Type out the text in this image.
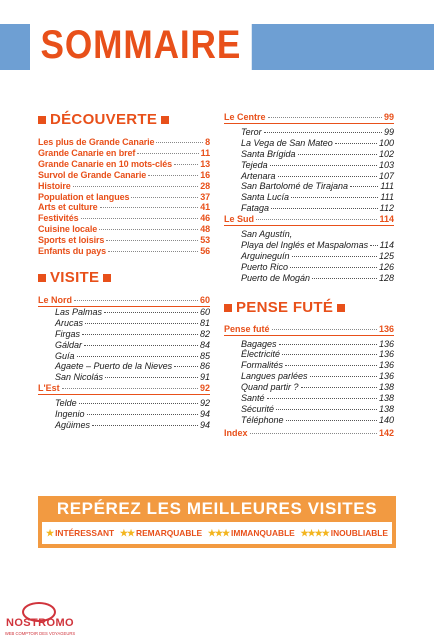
SOMMAIRE
DÉCOUVERTE
Les plus de Grande Canarie	8
Grande Canarie en bref	11
Grande Canarie en 10 mots-clés	13
Survol de Grande Canarie	16
Histoire	28
Population et langues	37
Arts et culture	41
Festivités	46
Cuisine locale	48
Sports et loisirs	53
Enfants du pays	56
VISITE
Le Nord	60
Las Palmas	60
Arucas	81
Firgas	82
Gáldar	84
Guía	85
Agaete – Puerto de la Nieves	86
San Nicolás	91
L'Est	92
Telde	92
Ingenio	94
Agüimes	94
Le Centre	99
Teror	99
La Vega de San Mateo	100
Santa Brígida	102
Tejeda	103
Artenara	107
San Bartolomé de Tirajana	111
Santa Lucía	111
Fataga	112
Le Sud	114
San Agustín,
Playa del Inglés et Maspalomas 114
Arguineguín	125
Puerto Rico	126
Puerto de Mogán	128
PENSE FUTÉ
Pense futé	136
Bagages	136
Électricité	136
Formalités	136
Langues parlées	136
Quand partir ?	138
Santé	138
Sécurité	138
Téléphone	140
Index	142
REPÉREZ LES MEILLEURES VISITES
★ INTÉRESSANT ★★ REMARQUABLE ★★★ IMMANQUABLE ★★★★ INOUBLIABLE
NOSTROMO
WEB COMPTOIR DES VOYAGEURS
